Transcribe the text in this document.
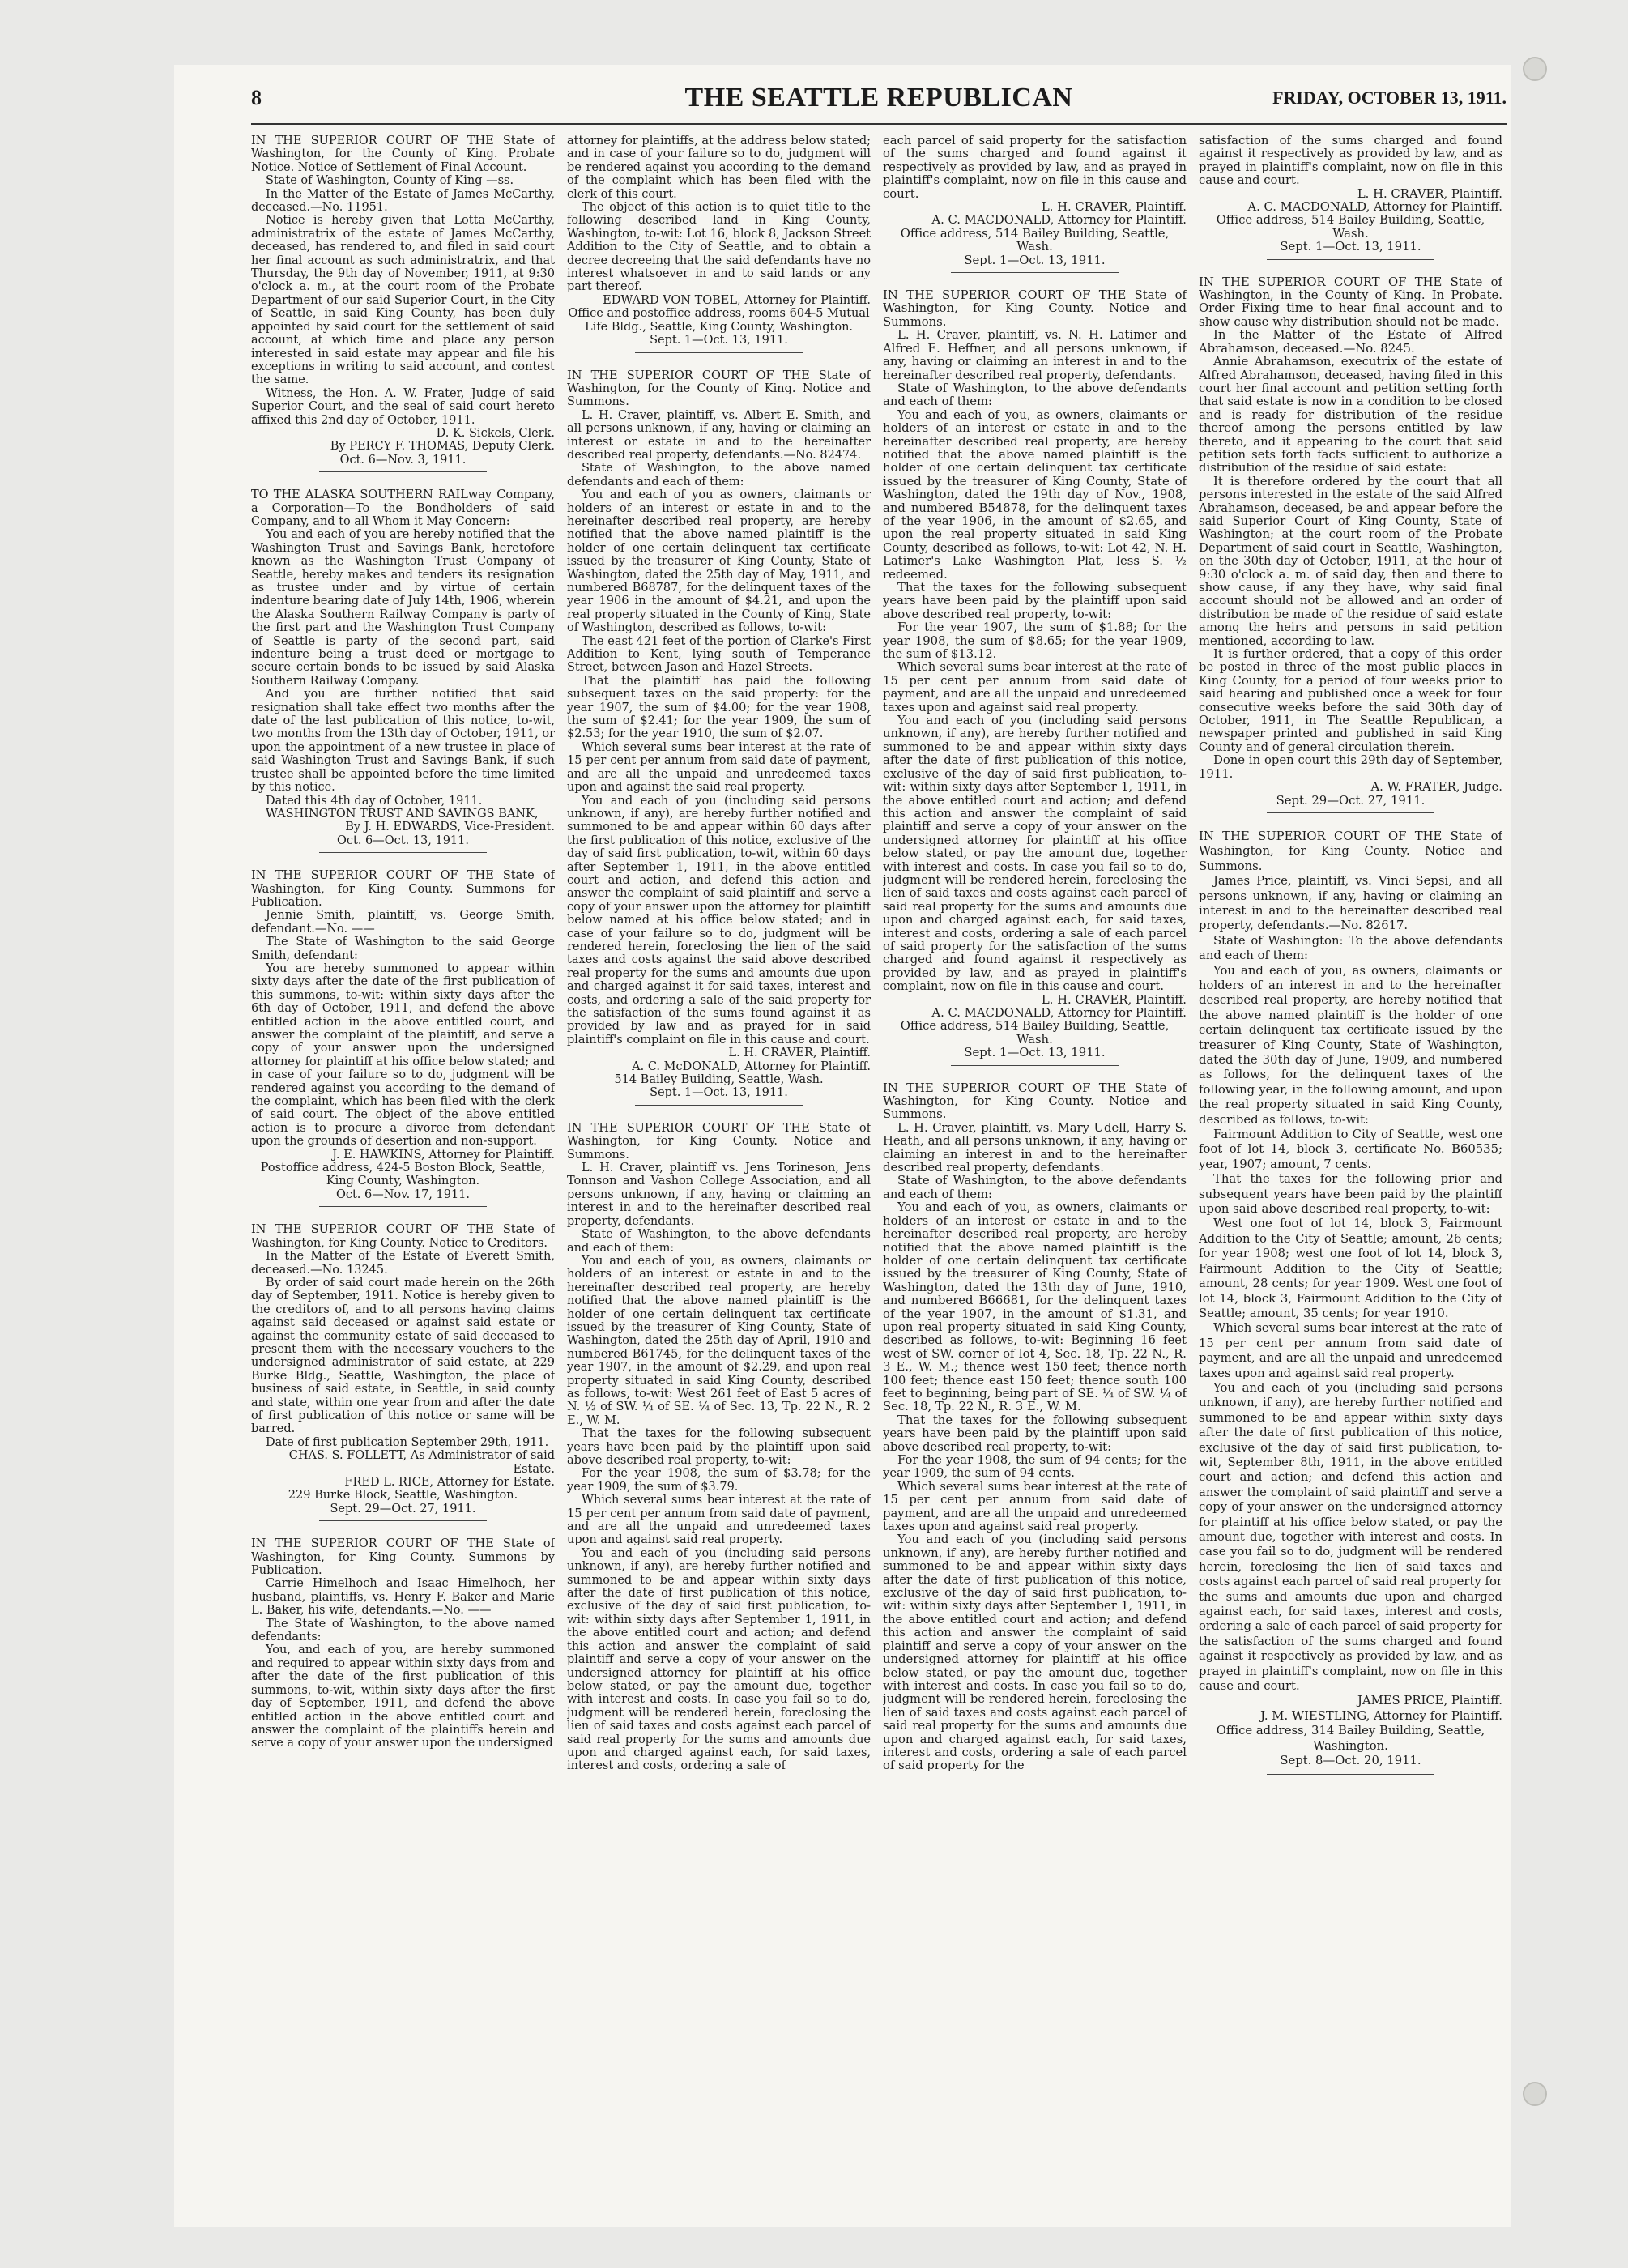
8	THE SEATTLE REPUBLICAN	FRIDAY, OCTOBER 13, 1911.

IN THE SUPERIOR COURT OF THE State of Washington, for the County of King. Probate Notice. Notice of Settlement of Final Account.

State of Washington, County of King —ss.

In the Matter of the Estate of James McCarthy, deceased.—No. 11951.

Notice is hereby given that Lotta McCarthy, administratrix of the estate of James McCarthy, deceased, has rendered to, and filed in said court her final account as such administratrix, and that Thursday, the 9th day of November, 1911, at 9:30 o'clock a. m., at the court room of the Probate Department of our said Superior Court, in the City of Seattle, in said King County, has been duly appointed by said court for the settlement of said account, at which time and place any person interested in said estate may appear and file his exceptions in writing to said account, and contest the same.

Witness, the Hon. A. W. Frater, Judge of said Superior Court, and the seal of said court hereto affixed this 2nd day of October, 1911.

D. K. Sickels, Clerk.

By PERCY F. THOMAS, Deputy Clerk.

Oct. 6—Nov. 3, 1911.

TO THE ALASKA SOUTHERN RAILway Company, a Corporation—To the Bondholders of said Company, and to all Whom it May Concern:

You and each of you are hereby notified that the Washington Trust and Savings Bank, heretofore known as the Washington Trust Company of Seattle, hereby makes and tenders its resignation as trustee under and by virtue of certain indenture bearing date of July 14th, 1906, wherein the Alaska Southern Railway Company is party of the first part and the Washington Trust Company of Seattle is party of the second part, said indenture being a trust deed or mortgage to secure certain bonds to be issued by said Alaska Southern Railway Company.

And you are further notified that said resignation shall take effect two months after the date of the last publication of this notice, to-wit, two months from the 13th day of October, 1911, or upon the appointment of a new trustee in place of said Washington Trust and Savings Bank, if such trustee shall be appointed before the time limited by this notice.

Dated this 4th day of October, 1911.

WASHINGTON TRUST AND SAVINGS BANK,

By J. H. EDWARDS, Vice-President.

Oct. 6—Oct. 13, 1911.

IN THE SUPERIOR COURT OF THE State of Washington, for King County. Summons for Publication.

Jennie Smith, plaintiff, vs. George Smith, defendant.—No. ——

The State of Washington to the said George Smith, defendant:

You are hereby summoned to appear within sixty days after the date of the first publication of this summons, to-wit: within sixty days after the 6th day of October, 1911, and defend the above entitled action in the above entitled court, and answer the complaint of the plaintiff, and serve a copy of your answer upon the undersigned attorney for plaintiff at his office below stated; and in case of your failure so to do, judgment will be rendered against you according to the demand of the complaint, which has been filed with the clerk of said court. The object of the above entitled action is to procure a divorce from defendant upon the grounds of desertion and non-support.

J. E. HAWKINS, Attorney for Plaintiff.

Postoffice address, 424-5 Boston Block, Seattle, King County, Washington.

Oct. 6—Nov. 17, 1911.

IN THE SUPERIOR COURT OF THE State of Washington, for King County. Notice to Creditors.

In the Matter of the Estate of Everett Smith, deceased.—No. 13245.

By order of said court made herein on the 26th day of September, 1911. Notice is hereby given to the creditors of, and to all persons having claims against said deceased or against said estate or against the community estate of said deceased to present them with the necessary vouchers to the undersigned administrator of said estate, at 229 Burke Bldg., Seattle, Washington, the place of business of said estate, in Seattle, in said county and state, within one year from and after the date of first publication of this notice or same will be barred.

Date of first publication September 29th, 1911.

CHAS. S. FOLLETT, As Administrator of said Estate.

FRED L. RICE, Attorney for Estate.

229 Burke Block, Seattle, Washington.

Sept. 29—Oct. 27, 1911.

IN THE SUPERIOR COURT OF THE State of Washington, for King County. Summons by Publication.

Carrie Himelhoch and Isaac Himelhoch, her husband, plaintiffs, vs. Henry F. Baker and Marie L. Baker, his wife, defendants.—No. ——

The State of Washington, to the above named defendants:

You, and each of you, are hereby summoned and required to appear within sixty days from and after the date of the first publication of this summons, to-wit, within sixty days after the first day of September, 1911, and defend the above entitled action in the above entitled court and answer the complaint of the plaintiffs herein and serve a copy of your answer upon the undersigned

attorney for plaintiffs, at the address below stated; and in case of your failure so to do, judgment will be rendered against you according to the demand of the complaint which has been filed with the clerk of this court.

The object of this action is to quiet title to the following described land in King County, Washington, to-wit: Lot 16, block 8, Jackson Street Addition to the City of Seattle, and to obtain a decree decreeing that the said defendants have no interest whatsoever in and to said lands or any part thereof.

EDWARD VON TOBEL, Attorney for Plaintiff.

Office and postoffice address, rooms 604-5 Mutual Life Bldg., Seattle, King County, Washington.

Sept. 1—Oct. 13, 1911.

IN THE SUPERIOR COURT OF THE State of Washington, for the County of King. Notice and Summons.

L. H. Craver, plaintiff, vs. Albert E. Smith, and all persons unknown, if any, having or claiming an interest or estate in and to the hereinafter described real property, defendants.—No. 82474.

State of Washington, to the above named defendants and each of them:

You and each of you as owners, claimants or holders of an interest or estate in and to the hereinafter described real property, are hereby notified that the above named plaintiff is the holder of one certain delinquent tax certificate issued by the treasurer of King County, State of Washington, dated the 25th day of May, 1911, and numbered B68787, for the delinquent taxes of the year 1906 in the amount of $4.21, and upon the real property situated in the County of King, State of Washington, described as follows, to-wit:

The east 421 feet of the portion of Clarke's First Addition to Kent, lying south of Temperance Street, between Jason and Hazel Streets.

That the plaintiff has paid the following subsequent taxes on the said property: for the year 1907, the sum of $4.00; for the year 1908, the sum of $2.41; for the year 1909, the sum of $2.53; for the year 1910, the sum of $2.07.

Which several sums bear interest at the rate of 15 per cent per annum from said date of payment, and are all the unpaid and unredeemed taxes upon and against the said real property.

You and each of you (including said persons unknown, if any), are hereby further notified and summoned to be and appear within 60 days after the first publication of this notice, exclusive of the day of said first publication, to-wit, within 60 days after September 1, 1911, in the above entitled court and action, and defend this action and answer the complaint of said plaintiff and serve a copy of your answer upon the attorney for plaintiff below named at his office below stated; and in case of your failure so to do, judgment will be rendered herein, foreclosing the lien of the said taxes and costs against the said above described real property for the sums and amounts due upon and charged against it for said taxes, interest and costs, and ordering a sale of the said property for the satisfaction of the sums found against it as provided by law and as prayed for in said plaintiff's complaint on file in this cause and court.

L. H. CRAVER, Plaintiff.

A. C. McDONALD, Attorney for Plaintiff.

514 Bailey Building, Seattle, Wash.

Sept. 1—Oct. 13, 1911.

IN THE SUPERIOR COURT OF THE State of Washington, for King County. Notice and Summons.

L. H. Craver, plaintiff vs. Jens Torineson, Jens Tonnson and Vashon College Association, and all persons unknown, if any, having or claiming an interest in and to the hereinafter described real property, defendants.

State of Washington, to the above defendants and each of them:

You and each of you, as owners, claimants or holders of an interest or estate in and to the hereinafter described real property, are hereby notified that the above named plaintiff is the holder of one certain delinquent tax certificate issued by the treasurer of King County, State of Washington, dated the 25th day of April, 1910 and numbered B61745, for the delinquent taxes of the year 1907, in the amount of $2.29, and upon real property situated in said King County, described as follows, to-wit: West 261 feet of East 5 acres of N. ½ of SW. ¼ of SE. ¼ of Sec. 13, Tp. 22 N., R. 2 E., W. M.

That the taxes for the following subsequent years have been paid by the plaintiff upon said above described real property, to-wit:

For the year 1908, the sum of $3.78; for the year 1909, the sum of $3.79.

Which several sums bear interest at the rate of 15 per cent per annum from said date of payment, and are all the unpaid and unredeemed taxes upon and against said real property.

You and each of you (including said persons unknown, if any), are hereby further notified and summoned to be and appear within sixty days after the date of first publication of this notice, exclusive of the day of said first publication, to-wit: within sixty days after September 1, 1911, in the above entitled court and action; and defend this action and answer the complaint of said plaintiff and serve a copy of your answer on the undersigned attorney for plaintiff at his office below stated, or pay the amount due, together with interest and costs. In case you fail so to do, judgment will be rendered herein, foreclosing the lien of said taxes and costs against each parcel of said real property for the sums and amounts due upon and charged against each, for said taxes, interest and costs, ordering a sale of

each parcel of said property for the satisfaction of the sums charged and found against it respectively as provided by law, and as prayed in plaintiff's complaint, now on file in this cause and court.

L. H. CRAVER, Plaintiff.

A. C. MACDONALD, Attorney for Plaintiff.

Office address, 514 Bailey Building, Seattle, Wash.

Sept. 1—Oct. 13, 1911.

IN THE SUPERIOR COURT OF THE State of Washington, for King County. Notice and Summons.

L. H. Craver, plaintiff, vs. N. H. Latimer and Alfred E. Heffner, and all persons unknown, if any, having or claiming an interest in and to the hereinafter described real property, defendants.

State of Washington, to the above defendants and each of them:

You and each of you, as owners, claimants or holders of an interest or estate in and to the hereinafter described real property, are hereby notified that the above named plaintiff is the holder of one certain delinquent tax certificate issued by the treasurer of King County, State of Washington, dated the 19th day of Nov., 1908, and numbered B54878, for the delinquent taxes of the year 1906, in the amount of $2.65, and upon the real property situated in said King County, described as follows, to-wit: Lot 42, N. H. Latimer's Lake Washington Plat, less S. ½ redeemed.

That the taxes for the following subsequent years have been paid by the plaintiff upon said above described real property, to-wit:

For the year 1907, the sum of $1.88; for the year 1908, the sum of $8.65; for the year 1909, the sum of $13.12.

Which several sums bear interest at the rate of 15 per cent per annum from said date of payment, and are all the unpaid and unredeemed taxes upon and against said real property.

You and each of you (including said persons unknown, if any), are hereby further notified and summoned to be and appear within sixty days after the date of first publication of this notice, exclusive of the day of said first publication, to-wit: within sixty days after September 1, 1911, in the above entitled court and action; and defend this action and answer the complaint of said plaintiff and serve a copy of your answer on the undersigned attorney for plaintiff at his office below stated, or pay the amount due, together with interest and costs. In case you fail so to do, judgment will be rendered herein, foreclosing the lien of said taxes and costs against each parcel of said real property for the sums and amounts due upon and charged against each, for said taxes, interest and costs, ordering a sale of each parcel of said property for the satisfaction of the sums charged and found against it respectively as provided by law, and as prayed in plaintiff's complaint, now on file in this cause and court.

L. H. CRAVER, Plaintiff.

A. C. MACDONALD, Attorney for Plaintiff.

Office address, 514 Bailey Building, Seattle, Wash.

Sept. 1—Oct. 13, 1911.

IN THE SUPERIOR COURT OF THE State of Washington, for King County. Notice and Summons.

L. H. Craver, plaintiff, vs. Mary Udell, Harry S. Heath, and all persons unknown, if any, having or claiming an interest in and to the hereinafter described real property, defendants.

State of Washington, to the above defendants and each of them:

You and each of you, as owners, claimants or holders of an interest or estate in and to the hereinafter described real property, are hereby notified that the above named plaintiff is the holder of one certain delinquent tax certificate issued by the treasurer of King County, State of Washington, dated the 13th day of June, 1910, and numbered B66681, for the delinquent taxes of the year 1907, in the amount of $1.31, and upon real property situated in said King County, described as follows, to-wit: Beginning 16 feet west of SW. corner of lot 4, Sec. 18, Tp. 22 N., R. 3 E., W. M.; thence west 150 feet; thence north 100 feet; thence east 150 feet; thence south 100 feet to beginning, being part of SE. ¼ of SW. ¼ of Sec. 18, Tp. 22 N., R. 3 E., W. M.

That the taxes for the following subsequent years have been paid by the plaintiff upon said above described real property, to-wit:

For the year 1908, the sum of 94 cents; for the year 1909, the sum of 94 cents.

Which several sums bear interest at the rate of 15 per cent per annum from said date of payment, and are all the unpaid and unredeemed taxes upon and against said real property.

You and each of you (including said persons unknown, if any), are hereby further notified and summoned to be and appear within sixty days after the date of first publication of this notice, exclusive of the day of said first publication, to-wit: within sixty days after September 1, 1911, in the above entitled court and action; and defend this action and answer the complaint of said plaintiff and serve a copy of your answer on the undersigned attorney for plaintiff at his office below stated, or pay the amount due, together with interest and costs. In case you fail so to do, judgment will be rendered herein, foreclosing the lien of said taxes and costs against each parcel of said real property for the sums and amounts due upon and charged against each, for said taxes, interest and costs, ordering a sale of each parcel of said property for the

satisfaction of the sums charged and found against it respectively as provided by law, and as prayed in plaintiff's complaint, now on file in this cause and court.

L. H. CRAVER, Plaintiff.

A. C. MACDONALD, Attorney for Plaintiff.

Office address, 514 Bailey Building, Seattle, Wash.

Sept. 1—Oct. 13, 1911.

IN THE SUPERIOR COURT OF THE State of Washington, in the County of King. In Probate. Order Fixing time to hear final account and to show cause why distribution should not be made.

In the Matter of the Estate of Alfred Abrahamson, deceased.—No. 8245.

Annie Abrahamson, executrix of the estate of Alfred Abrahamson, deceased, having filed in this court her final account and petition setting forth that said estate is now in a condition to be closed and is ready for distribution of the residue thereof among the persons entitled by law thereto, and it appearing to the court that said petition sets forth facts sufficient to authorize a distribution of the residue of said estate:

It is therefore ordered by the court that all persons interested in the estate of the said Alfred Abrahamson, deceased, be and appear before the said Superior Court of King County, State of Washington; at the court room of the Probate Department of said court in Seattle, Washington, on the 30th day of October, 1911, at the hour of 9:30 o'clock a. m. of said day, then and there to show cause, if any they have, why said final account should not be allowed and an order of distribution be made of the residue of said estate among the heirs and persons in said petition mentioned, according to law.

It is further ordered, that a copy of this order be posted in three of the most public places in King County, for a period of four weeks prior to said hearing and published once a week for four consecutive weeks before the said 30th day of October, 1911, in The Seattle Republican, a newspaper printed and published in said King County and of general circulation therein.

Done in open court this 29th day of September, 1911.

A. W. FRATER, Judge.

Sept. 29—Oct. 27, 1911.

IN THE SUPERIOR COURT OF THE State of Washington, for King County. Notice and Summons.

James Price, plaintiff, vs. Vinci Sepsi, and all persons unknown, if any, having or claiming an interest in and to the hereinafter described real property, defendants.—No. 82617.

State of Washington: To the above defendants and each of them:

You and each of you, as owners, claimants or holders of an interest in and to the hereinafter described real property, are hereby notified that the above named plaintiff is the holder of one certain delinquent tax certificate issued by the treasurer of King County, State of Washington, dated the 30th day of June, 1909, and numbered as follows, for the delinquent taxes of the following year, in the following amount, and upon the real property situated in said King County, described as follows, to-wit:

Fairmount Addition to City of Seattle, west one foot of lot 14, block 3, certificate No. B60535; year, 1907; amount, 7 cents.

That the taxes for the following prior and subsequent years have been paid by the plaintiff upon said above described real property, to-wit:

West one foot of lot 14, block 3, Fairmount Addition to the City of Seattle; amount, 26 cents; for year 1908; west one foot of lot 14, block 3, Fairmount Addition to the City of Seattle; amount, 28 cents; for year 1909. West one foot of lot 14, block 3, Fairmount Addition to the City of Seattle; amount, 35 cents; for year 1910.

Which several sums bear interest at the rate of 15 per cent per annum from said date of payment, and are all the unpaid and unredeemed taxes upon and against said real property.

You and each of you (including said persons unknown, if any), are hereby further notified and summoned to be and appear within sixty days after the date of first publication of this notice, exclusive of the day of said first publication, to-wit, September 8th, 1911, in the above entitled court and action; and defend this action and answer the complaint of said plaintiff and serve a copy of your answer on the undersigned attorney for plaintiff at his office below stated, or pay the amount due, together with interest and costs. In case you fail so to do, judgment will be rendered herein, foreclosing the lien of said taxes and costs against each parcel of said real property for the sums and amounts due upon and charged against each, for said taxes, interest and costs, ordering a sale of each parcel of said property for the satisfaction of the sums charged and found against it respectively as provided by law, and as prayed in plaintiff's complaint, now on file in this cause and court.

JAMES PRICE, Plaintiff.

J. M. WIESTLING, Attorney for Plaintiff.

Office address, 314 Bailey Building, Seattle, Washington.

Sept. 8—Oct. 20, 1911.
